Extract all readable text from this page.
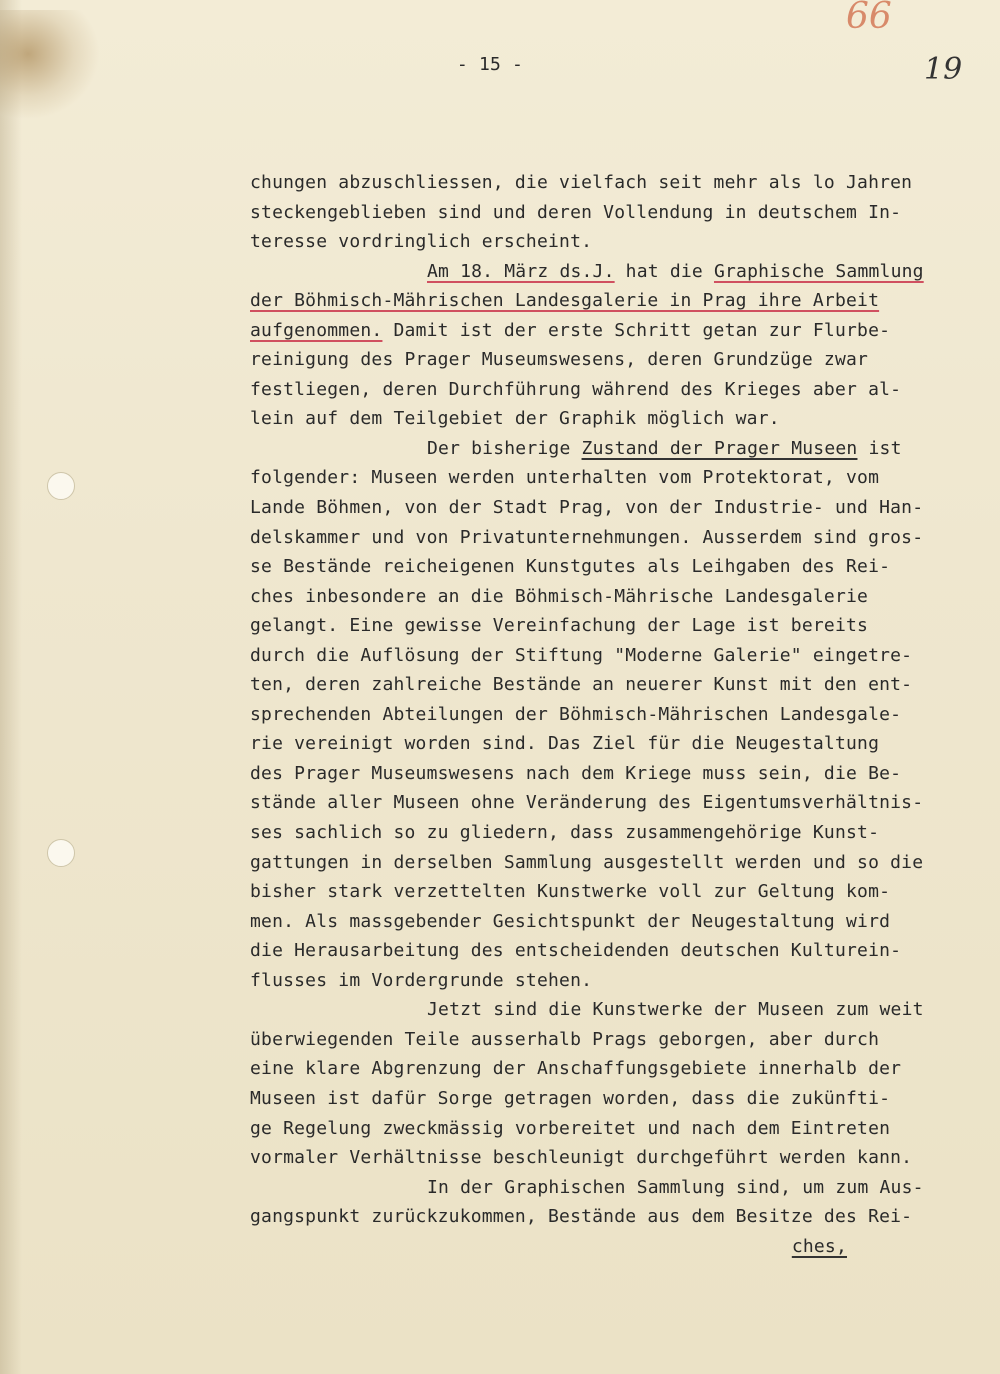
- 15 -
66
19
chungen abzuschliessen, die vielfach seit mehr als lo Jahren
steckengeblieben sind und deren Vollendung in deutschem In-
teresse vordringlich erscheint.
Am 18. März ds.J. hat die Graphische Sammlung
der Böhmisch-Mährischen Landesgalerie in Prag ihre Arbeit
aufgenommen. Damit ist der erste Schritt getan zur Flurbe-
reinigung des Prager Museumswesens, deren Grundzüge zwar
festliegen, deren Durchführung während des Krieges aber al-
lein auf dem Teilgebiet der Graphik möglich war.
Der bisherige Zustand der Prager Museen ist
folgender: Museen werden unterhalten vom Protektorat, vom
Lande Böhmen, von der Stadt Prag, von der Industrie- und Han-
delskammer und von Privatunternehmungen. Ausserdem sind gros-
se Bestände reicheigenen Kunstgutes als Leihgaben des Rei-
ches inbesondere an die Böhmisch-Mährische Landesgalerie
gelangt. Eine gewisse Vereinfachung der Lage ist bereits
durch die Auflösung der Stiftung "Moderne Galerie" eingetre-
ten, deren zahlreiche Bestände an neuerer Kunst mit den ent-
sprechenden Abteilungen der Böhmisch-Mährischen Landesgale-
rie vereinigt worden sind. Das Ziel für die Neugestaltung
des Prager Museumswesens nach dem Kriege muss sein, die Be-
stände aller Museen ohne Veränderung des Eigentumsverhältnis-
ses sachlich so zu gliedern, dass zusammengehörige Kunst-
gattungen in derselben Sammlung ausgestellt werden und so die
bisher stark verzettelten Kunstwerke voll zur Geltung kom-
men. Als massgebender Gesichtspunkt der Neugestaltung wird
die Herausarbeitung des entscheidenden deutschen Kulturein-
flusses im Vordergrunde stehen.
Jetzt sind die Kunstwerke der Museen zum weit
überwiegenden Teile ausserhalb Prags geborgen, aber durch
eine klare Abgrenzung der Anschaffungsgebiete innerhalb der
Museen ist dafür Sorge getragen worden, dass die zukünfti-
ge Regelung zweckmässig vorbereitet und nach dem Eintreten
vormaler Verhältnisse beschleunigt durchgeführt werden kann.
In der Graphischen Sammlung sind, um zum Aus-
gangspunkt zurückzukommen, Bestände aus dem Besitze des Rei-
ches,
